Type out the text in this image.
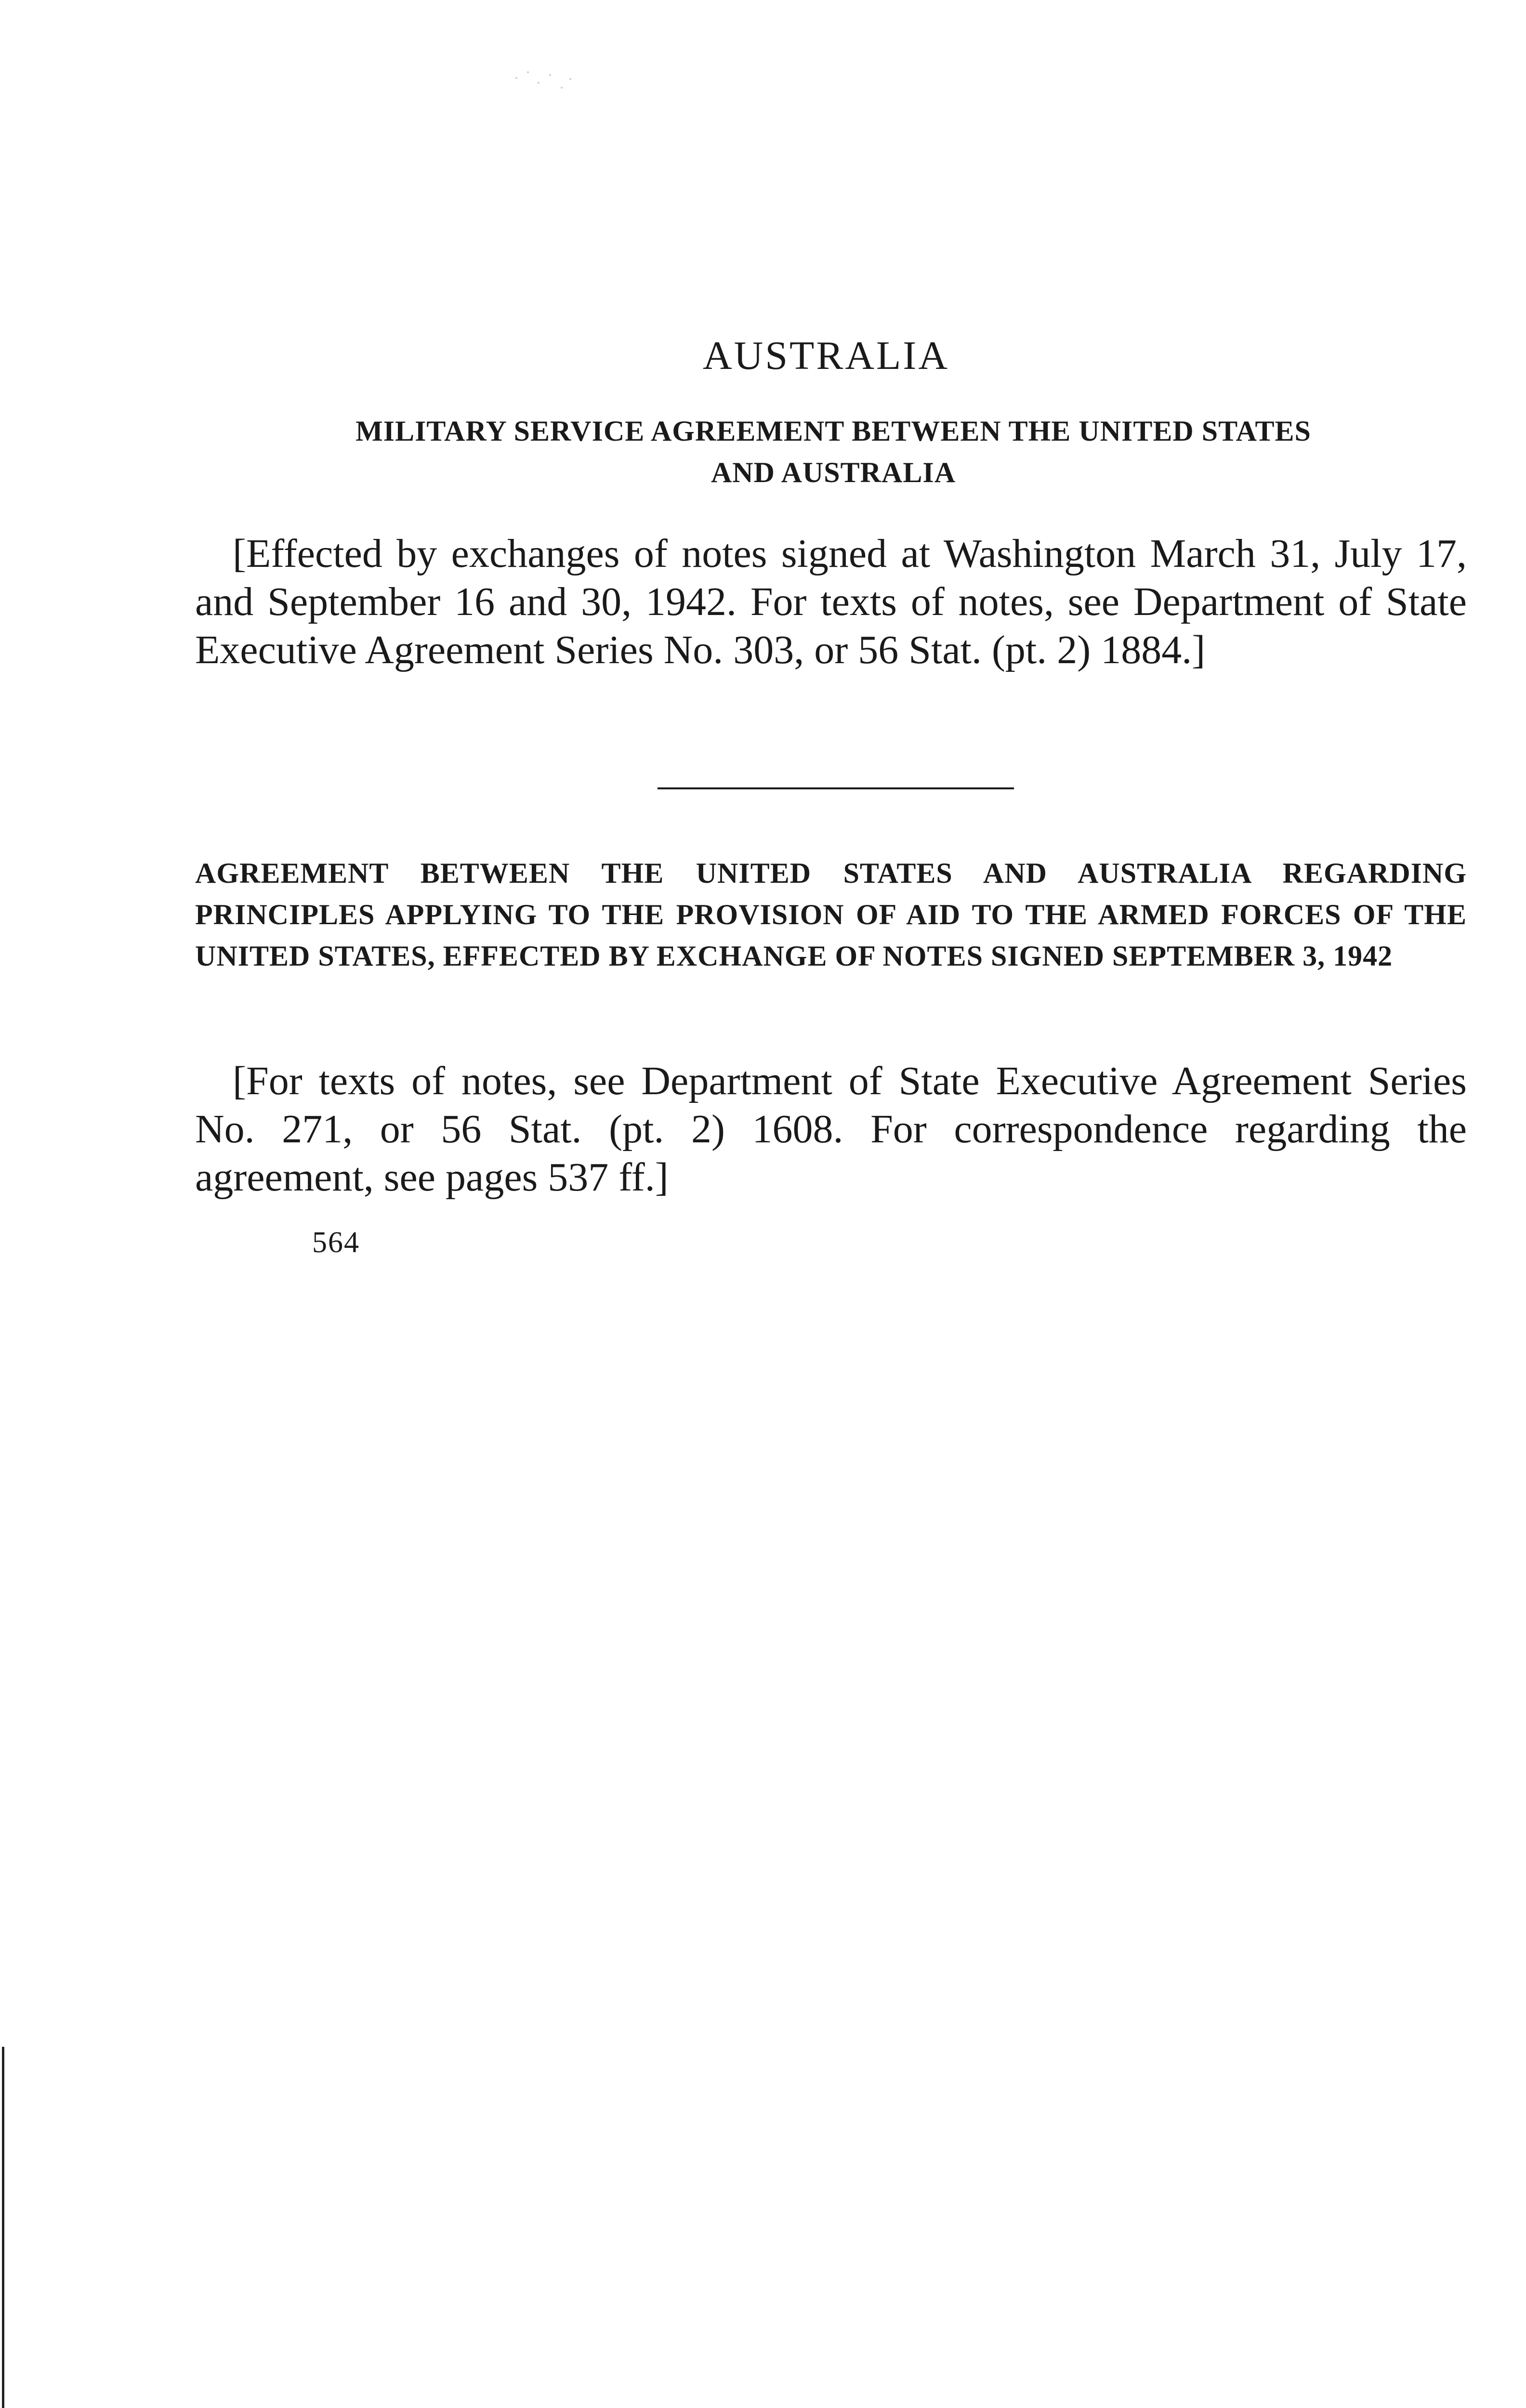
AUSTRALIA
MILITARY SERVICE AGREEMENT BETWEEN THE UNITED STATES
AND AUSTRALIA
[Effected by exchanges of notes signed at Washington March 31, July 17, and September 16 and 30, 1942. For texts of notes, see Department of State Executive Agreement Series No. 303, or 56 Stat. (pt. 2) 1884.]
AGREEMENT BETWEEN THE UNITED STATES AND AUSTRALIA REGARDING PRINCIPLES APPLYING TO THE PROVISION OF AID TO THE ARMED FORCES OF THE UNITED STATES, EFFECTED BY EXCHANGE OF NOTES SIGNED SEPTEMBER 3, 1942
[For texts of notes, see Department of State Executive Agreement Series No. 271, or 56 Stat. (pt. 2) 1608. For correspondence regarding the agreement, see pages 537 ff.]
564
